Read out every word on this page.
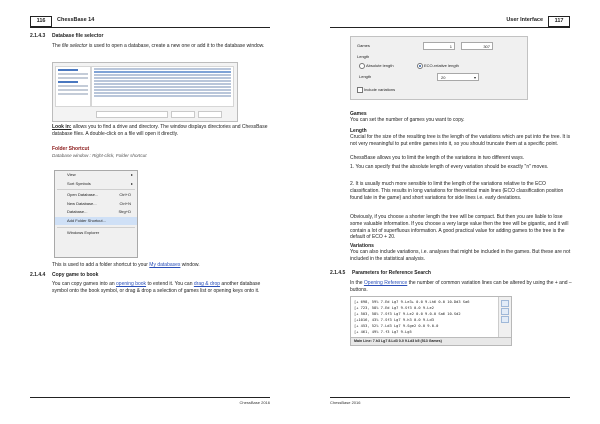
116	ChessBase 14
2.1.4.3	Database file selector
The file selector is used to open a database, create a new one or add it to the database window.
Look in: allows you to find a drive and directory. The window displays directories and ChessBase database files. A double-click on a file will open it directly.
Folder Shortcut
Database window : Right-click, Folder shortcut
View	▸
Sort Symbols	▸
Open Database...	Ctrl+O
New Database...	Ctrl+N
Database...	Strg+D
Add Folder Shortcut...
Windows Explorer
This is used to add a folder shortcut to your My databases window.
2.1.4.4	Copy game to book
You can copy games into an opening book to extend it. You can drag & drop another database symbol onto the book symbol, or drag & drop a selection of games list or opening keys onto it.
ChessBase 2016
User Interface	117
Games	1	307
Length
Absolute length	ECO-relative length
Length	20	▾
Include variations
Games
You can set the number of games you want to copy.
Length

Crucial for the size of the resulting tree is the length of the variations which are put into the tree. It is not very meaningful to put entire games into it, so you should truncate them at a specific point.

ChessBase allows you to limit the length of the variations in two different ways.
1. You can specify that the absolute length of every variation should be exactly "n" moves.
2. It is usually much more sensible to limit the length of the variations relative to the ECO classification. This results in long variations for theoretical main lines (ECO classification position found late in the game) and short variations for side lines i.e. early deviations.
Obviously, if you choose a shorter length the tree will be compact. But then you are liable to lose some valuable information. If you choose a very large value then the tree will be gigantic, and it will contain a lot of superfluous information. A good practical value for adding games to the tree is the default of ECO + 20.
Variations
You can also include variations, i.e. analyses that might be included in the games. But these are not included in the statistical analysis.
2.1.4.5	Parameters for Reference Search
In the Opening Reference the number of common variation lines can be altered by using the + and – buttons.
[+ 698, 59% 7.Ed Lg7 9.Le3+ 0-0 9.Lh6 0-0 10.Dd3 Sa6
[+ 723, 58% 7.Ed Lg7 9.Sf3 0-0 9.Le2
[+ 503, 58% 7.Sf3 Lg7 9.Le2 0-0 9.0-0 Sa6 10.Sd2
[+1016, 43% 7.Sf3 Lg7 9.h3 0-0 9.Ld3
[+ 453, 52% 7.Ld3 Lg7 9.Sge2 0-0 9.0-0
[+ 461, 49% 7.f3 Lg7 9.Lg5
Main Line: 7.h3 Lg7 8.Ld3 0-0 9.Ld3 b5 (513 Games)
ChessBase 2016
